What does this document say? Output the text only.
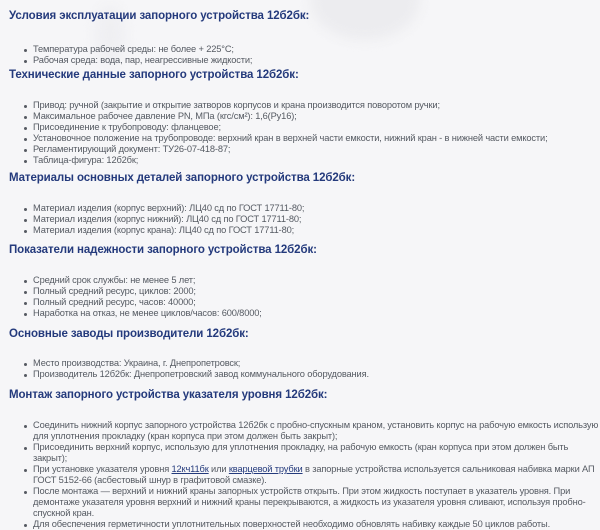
Условия эксплуатации запорного устройства 12б2бк:
Температура рабочей среды: не более + 225°С;
Рабочая среда: вода, пар, неагрессивные жидкости;
Технические данные запорного устройства 12б2бк:
Привод: ручной (закрытие и открытие затворов корпусов и крана производится поворотом ручки;
Максимальное рабочее давление PN, МПа (кгс/см²): 1,6(Ру16);
Присоединение к трубопроводу: фланцевое;
Установочное положение на трубопроводе: верхний кран в верхней части емкости, нижний кран - в нижней части емкости;
Регламентирующий документ: ТУ26-07-418-87;
Таблица-фигура: 12б2бк;
Материалы основных деталей запорного устройства 12б2бк:
Материал изделия (корпус верхний): ЛЦ40 сд по ГОСТ 17711-80;
Материал изделия (корпус нижний): ЛЦ40 сд по ГОСТ 17711-80;
Материал изделия (корпус крана): ЛЦ40 сд по ГОСТ 17711-80;
Показатели надежности запорного устройства 12б2бк:
Средний срок службы: не менее 5 лет;
Полный средний ресурс, циклов: 2000;
Полный средний ресурс, часов: 40000;
Наработка на отказ, не менее циклов/часов: 600/8000;
Основные заводы производители 12б2бк:
Место производства: Украина, г. Днепропетровск;
Производитель 12б2бк: Днепропетровский завод коммунального оборудования.
Монтаж запорного устройства указателя уровня 12б2бк:
Соединить нижний корпус запорного устройства 12б2бк с пробно-спускным краном, установить корпус на рабочую емкость использую для уплотнения прокладку (кран корпуса при этом должен быть закрыт);
Присоединить верхний корпус, использую для уплотнения прокладку, на рабочую емкость (кран корпуса при этом должен быть закрыт);
При установке указателя уровня 12кч11бк или кварцевой трубки в запорные устройства используется сальниковая набивка марки АП ГОСТ 5152-66 (асбестовый шнур в графитовой смазке).
После монтажа — верхний и нижний краны запорных устройств открыть. При этом жидкость поступает в указатель уровня. При демонтаже указателя уровня верхний и нижний краны перекрываются, а жидкость из указателя уровня сливают, используя пробно-спускной кран.
Для обеспечения герметичности уплотнительных поверхностей необходимо обновлять набивку каждые 50 циклов работы.
